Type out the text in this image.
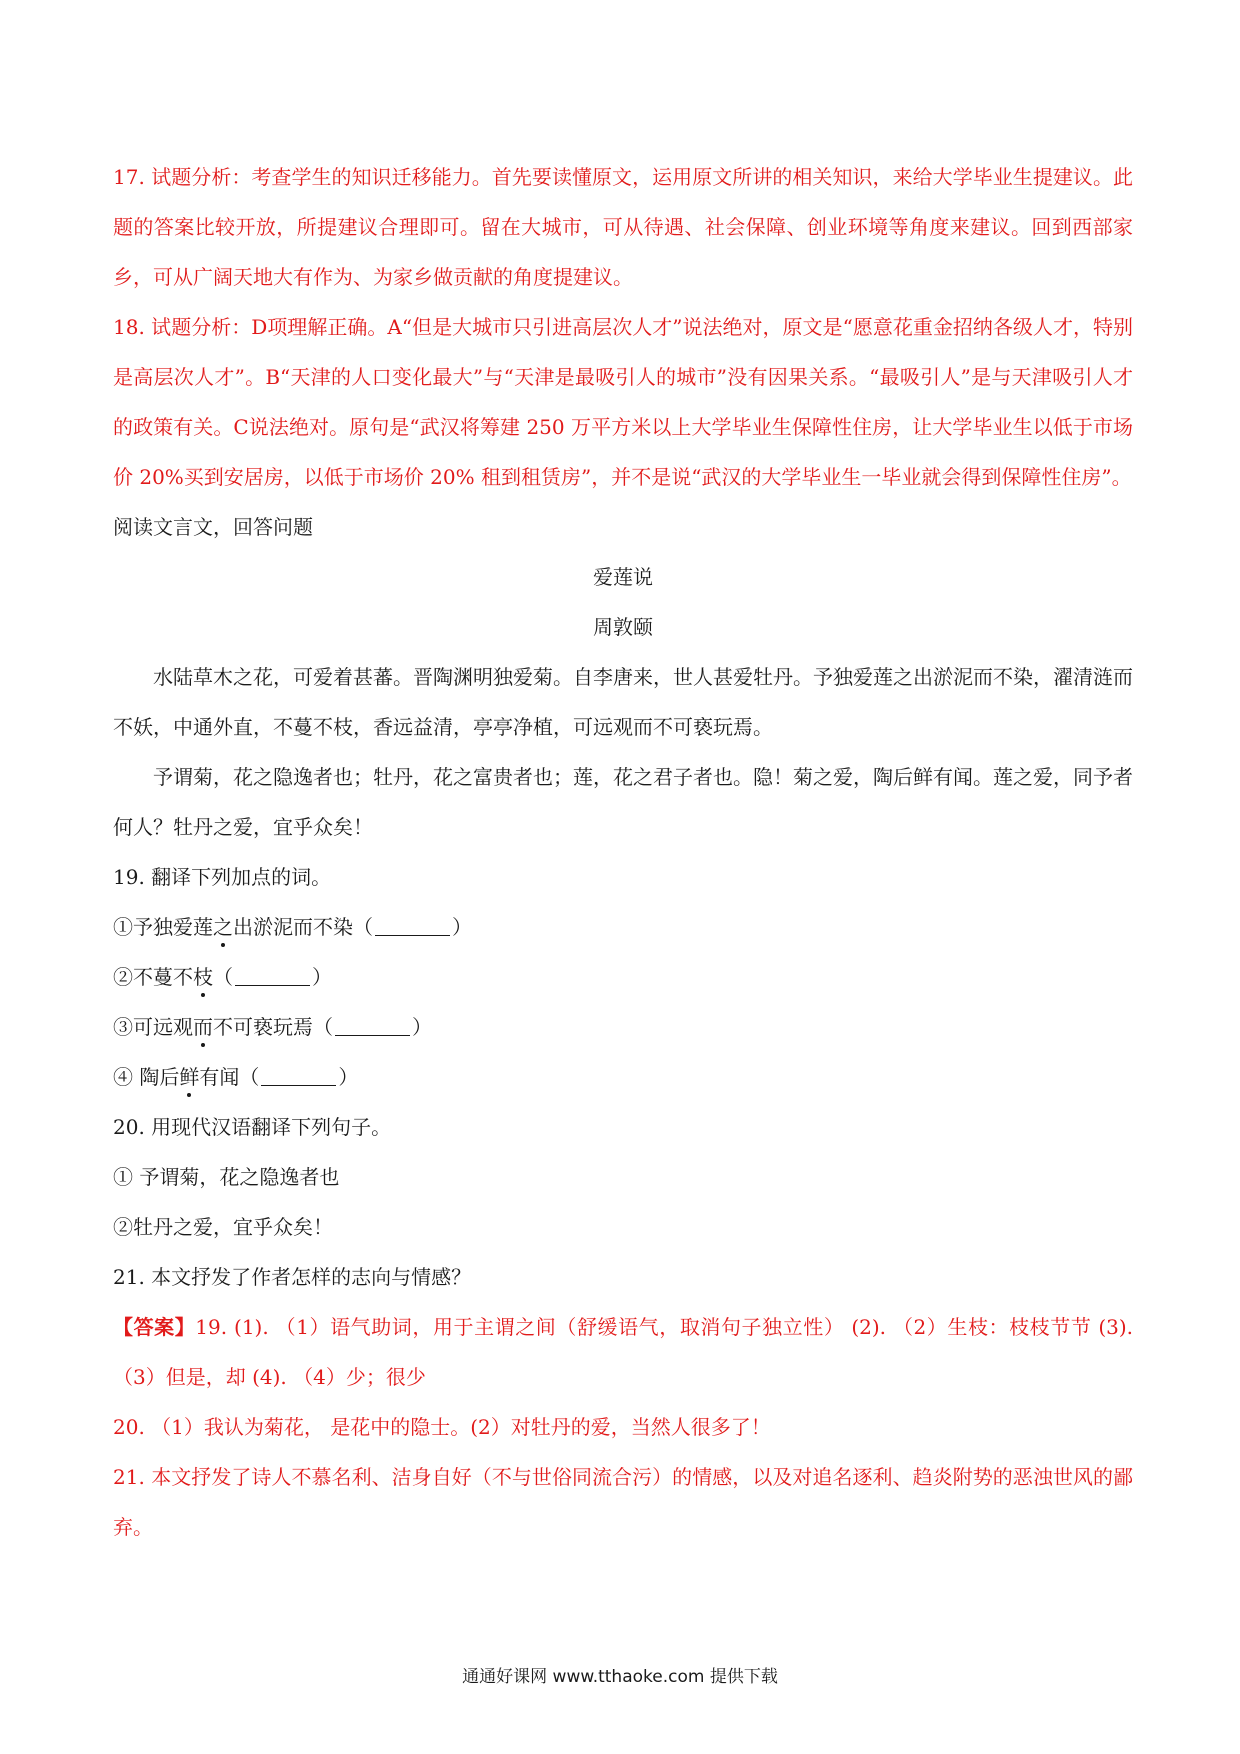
17. 试题分析：考查学生的知识迁移能力。首先要读懂原文，运用原文所讲的相关知识，来给大学毕业生提建议。此题的答案比较开放，所提建议合理即可。留在大城市，可从待遇、社会保障、创业环境等角度来建议。回到西部家乡，可从广阔天地大有作为、为家乡做贡献的角度提建议。

18. 试题分析：D项理解正确。A“但是大城市只引进高层次人才”说法绝对，原文是“愿意花重金招纳各级人才，特别是高层次人才”。B“天津的人口变化最大”与“天津是最吸引人的城市”没有因果关系。“最吸引人”是与天津吸引人才的政策有关。C说法绝对。原句是“武汉将筹建 250 万平方米以上大学毕业生保障性住房，让大学毕业生以低于市场价 20%买到安居房，以低于市场价 20% 租到租赁房”，并不是说“武汉的大学毕业生一毕业就会得到保障性住房”。

阅读文言文，回答问题

爱莲说

周敦颐

水陆草木之花，可爱着甚蕃。晋陶渊明独爱菊。自李唐来，世人甚爱牡丹。予独爱莲之出淤泥而不染，濯清涟而不妖，中通外直，不蔓不枝，香远益清，亭亭净植，可远观而不可亵玩焉。

予谓菊，花之隐逸者也；牡丹，花之富贵者也；莲，花之君子者也。隐！菊之爱，陶后鲜有闻。莲之爱，同予者何人？牡丹之爱，宜乎众矣！

19. 翻译下列加点的词。

①予独爱莲之出淤泥而不染（	）

②不蔓不枝（	）

③可远观而不可亵玩焉（	）

④ 陶后鲜有闻（	）

20. 用现代汉语翻译下列句子。

① 予谓菊，花之隐逸者也

②牡丹之爱，宜乎众矣！

21. 本文抒发了作者怎样的志向与情感？

【答案】19. (1). （1）语气助词，用于主谓之间（舒缓语气，取消句子独立性） (2). （2）生枝：枝枝节节 (3). （3）但是，却 (4). （4）少；很少

20. （1）我认为菊花， 是花中的隐士。(2）对牡丹的爱，当然人很多了！

21. 本文抒发了诗人不慕名利、洁身自好（不与世俗同流合污）的情感，以及对追名逐利、趋炎附势的恶浊世风的鄙弃。

通通好课网 www.tthaoke.com 提供下载
